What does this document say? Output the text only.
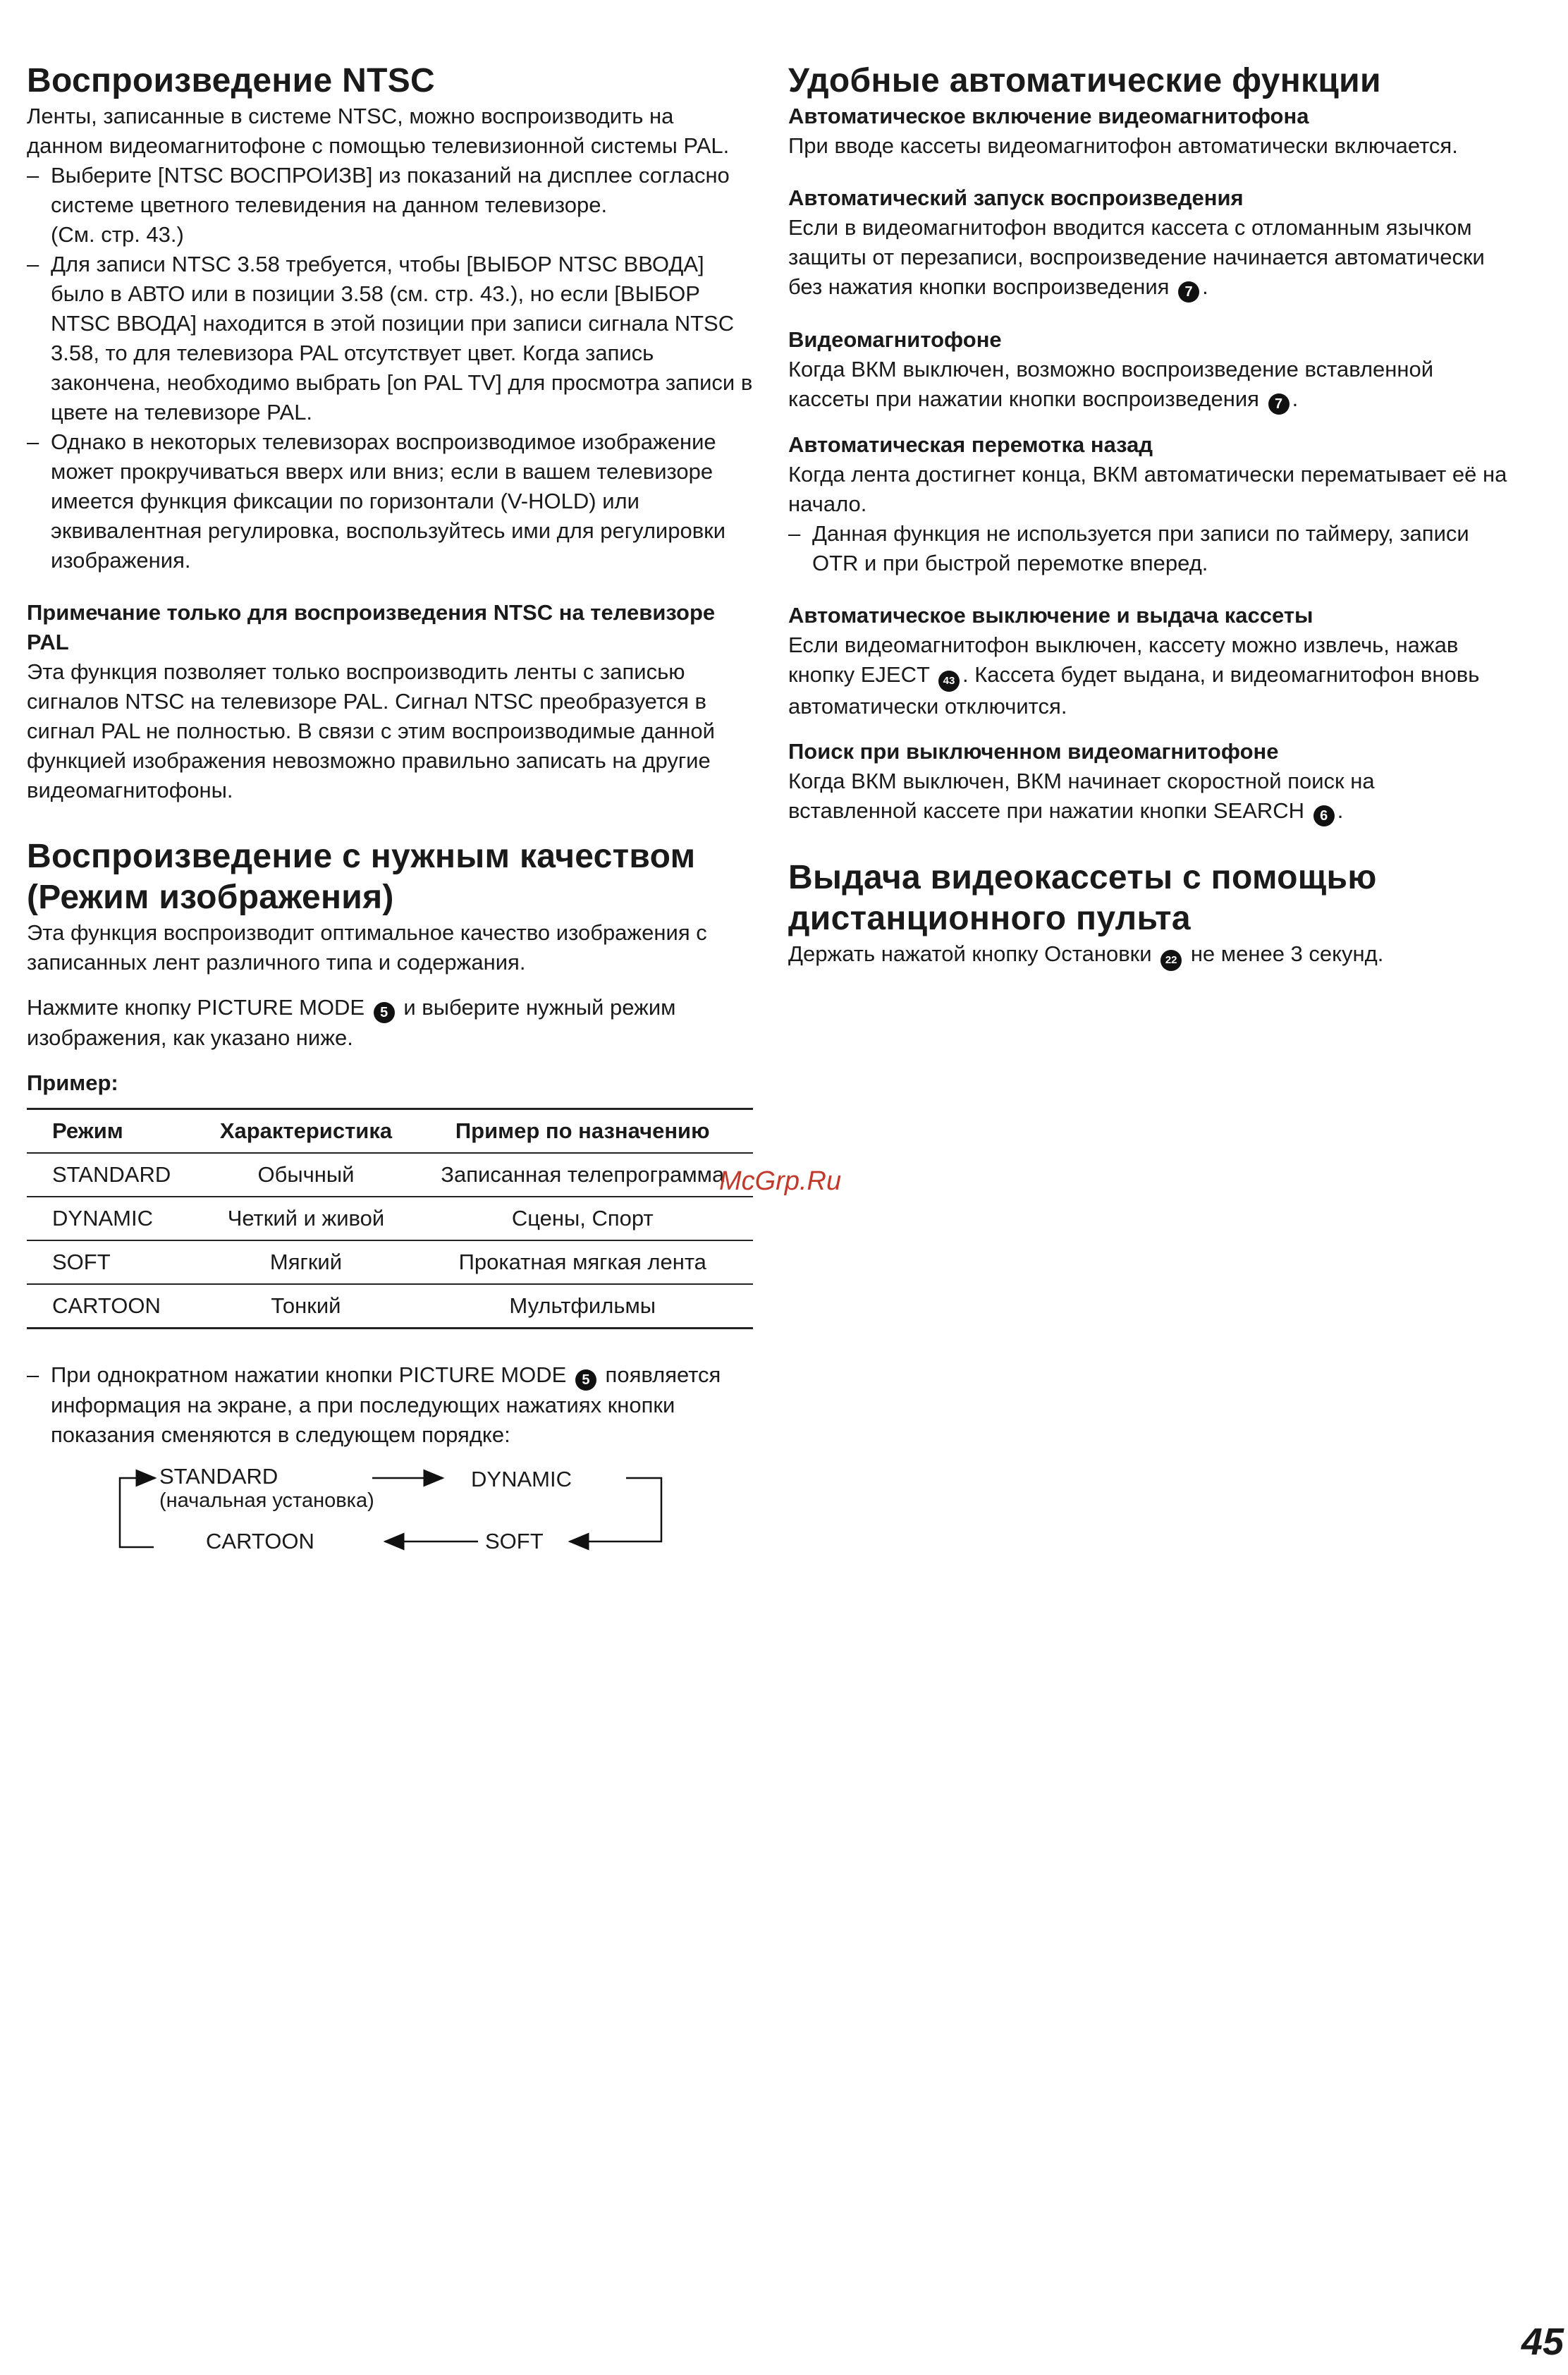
Воспроизведение NTSC

Ленты, записанные в системе NTSC, можно воспроизводить на данном видеомагнитофоне с помощью телевизионной системы PAL.

– Выберите [NTSC ВОСПРОИЗВ] из показаний на дисплее согласно системе цветного телевидения на данном телевизоре.
(См. стр. 43.)

– Для записи NTSC 3.58 требуется, чтобы [ВЫБОР NTSC ВВОДА] было в АВТО или в позиции 3.58 (см. стр. 43.), но если [ВЫБОР NTSC ВВОДА] находится в этой позиции при записи сигнала NTSC 3.58, то для телевизора PAL отсутствует цвет. Когда запись закончена, необходимо выбрать [on PAL TV] для просмотра записи в цвете на телевизоре PAL.

– Однако в некоторых телевизорах воспроизводимое изображение может прокручиваться вверх или вниз; если в вашем телевизоре имеется функция фиксации по горизонтали (V-HOLD) или эквивалентная регулировка, воспользуйтесь ими для регулировки изображения.

Примечание только для воспроизведения NTSC на телевизоре PAL

Эта функция позволяет только воспроизводить ленты с записью сигналов NTSC на телевизоре PAL. Сигнал NTSC преобразуется в сигнал PAL не полностью. В связи с этим воспроизводимые данной функцией изображения невозможно правильно записать на другие видеомагнитофоны.

Воспроизведение с нужным качеством (Режим изображения)

Эта функция воспроизводит оптимальное качество изображения с записанных лент различного типа и содержания.

Нажмите кнопку PICTURE MODE 5 и выберите нужный режим изображения, как указано ниже.

Пример:

Режим	Характеристика	Пример по назначению
STANDARD	Обычный	Записанная телепрограмма
DYNAMIC	Четкий и живой	Сцены, Спорт
SOFT	Мягкий	Прокатная мягкая лента
CARTOON	Тонкий	Мультфильмы

– При однократном нажатии кнопки PICTURE MODE 5 появляется информация на экране, а при последующих нажатиях кнопки показания сменяются в следующем порядке:

STANDARD
(начальная установка)
DYNAMIC
SOFT
CARTOON
Удобные автоматические функции

Автоматическое включение видеомагнитофона

При вводе кассеты видеомагнитофон автоматически включается.

Автоматический запуск воспроизведения

Если в видеомагнитофон вводится кассета с отломанным язычком защиты от перезаписи, воспроизведение начинается автоматически без нажатия кнопки воспроизведения 7 .

Видеомагнитофоне

Когда ВКМ выключен, возможно воспроизведение вставленной кассеты при нажатии кнопки воспроизведения 7 .

Автоматическая перемотка назад

Когда лента достигнет конца, ВКМ автоматически перематывает её на начало.

– Данная функция не используется при записи по таймеру, записи OTR и при быстрой перемотке вперед.

Автоматическое выключение и выдача кассеты

Если видеомагнитофон выключен, кассету можно извлечь, нажав кнопку EJECT 43 . Кассета будет выдана, и видеомагнитофон вновь автоматически отключится.

Поиск при выключенном видеомагнитофоне

Когда ВКМ выключен, ВКМ начинает скоростной поиск на вставленной кассете при нажатии кнопки SEARCH 6 .

Выдача видеокассеты с помощью дистанционного пульта

Держать нажатой кнопку Остановки 22 не менее 3 секунд.

McGrp.Ru
45
